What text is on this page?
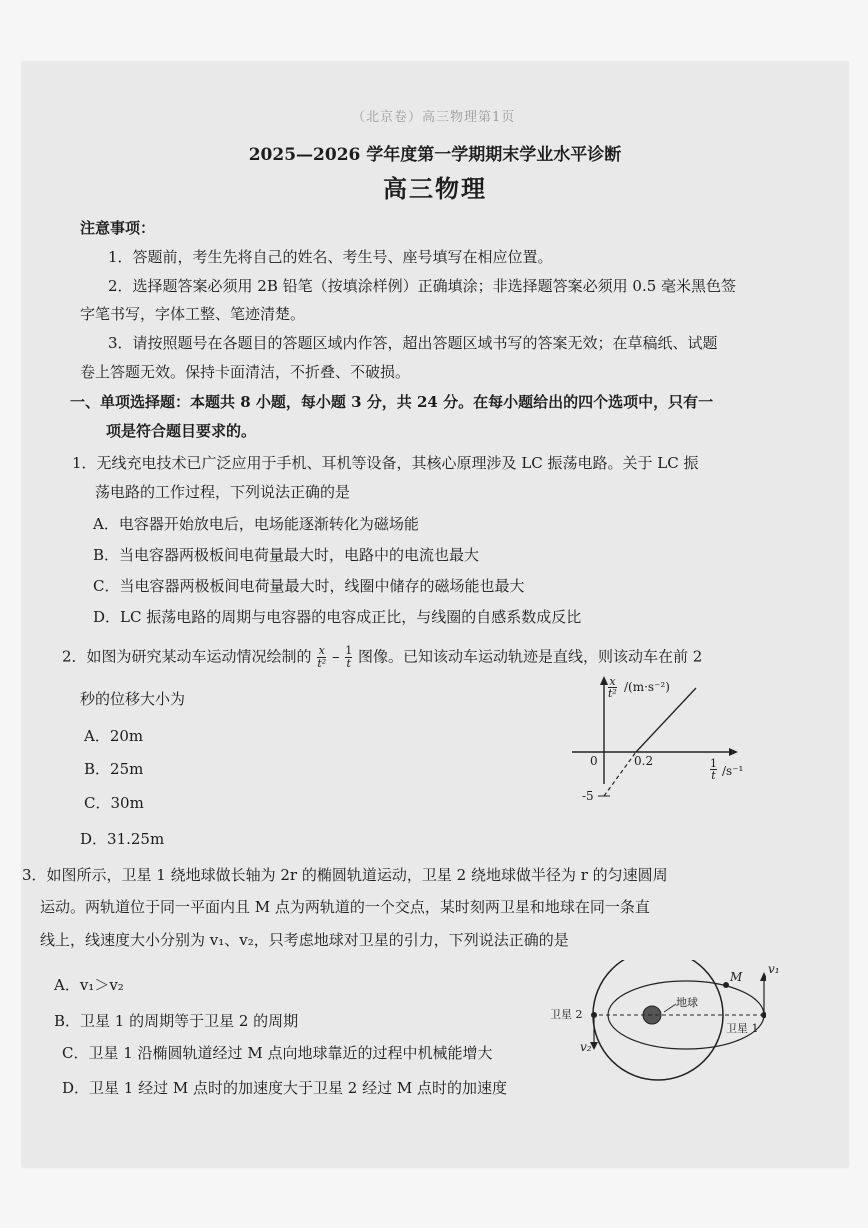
（北京卷）高三物理第1页
2025—2026 学年度第一学期期末学业水平诊断
高三物理
注意事项：
1．答题前，考生先将自己的姓名、考生号、座号填写在相应位置。
2．选择题答案必须用 2B 铅笔（按填涂样例）正确填涂；非选择题答案必须用 0.5 毫米黑色签
字笔书写，字体工整、笔迹清楚。
3．请按照题号在各题目的答题区域内作答，超出答题区域书写的答案无效；在草稿纸、试题
卷上答题无效。保持卡面清洁，不折叠、不破损。
一、单项选择题：本题共 8 小题，每小题 3 分，共 24 分。在每小题给出的四个选项中，只有一
项是符合题目要求的。
1．无线充电技术已广泛应用于手机、耳机等设备，其核心原理涉及 LC 振荡电路。关于 LC 振
荡电路的工作过程，下列说法正确的是
A．电容器开始放电后，电场能逐渐转化为磁场能
B．当电容器两极板间电荷量最大时，电路中的电流也最大
C．当电容器两极板间电荷量最大时，线圈中储存的磁场能也最大
D．LC 振荡电路的周期与电容器的电容成正比，与线圈的自感系数成反比
2．如图为研究某动车运动情况绘制的 $\frac{x}{\text{t²}} - \frac{1}{t}$ 图像。已知该动车运动轨迹是直线，则该动车在前 2
秒的位移大小为
A．20m
B．25m
C．30m
D．31.25m
x
t² /(m·s⁻²)
0	0.2
-5
1
t /s⁻¹
3．如图所示，卫星 1 绕地球做长轴为 2r 的椭圆轨道运动，卫星 2 绕地球做半径为 r 的匀速圆周
运动。两轨道位于同一平面内且 M 点为两轨道的一个交点，某时刻两卫星和地球在同一条直
线上，线速度大小分别为 v₁、v₂，只考虑地球对卫星的引力，下列说法正确的是
A．v₁＞v₂
B．卫星 1 的周期等于卫星 2 的周期
C．卫星 1 沿椭圆轨道经过 M 点向地球靠近的过程中机械能增大
D．卫星 1 经过 M 点时的加速度大于卫星 2 经过 M 点时的加速度
v₁
v₂
M
地球
卫星 2
卫星 1
